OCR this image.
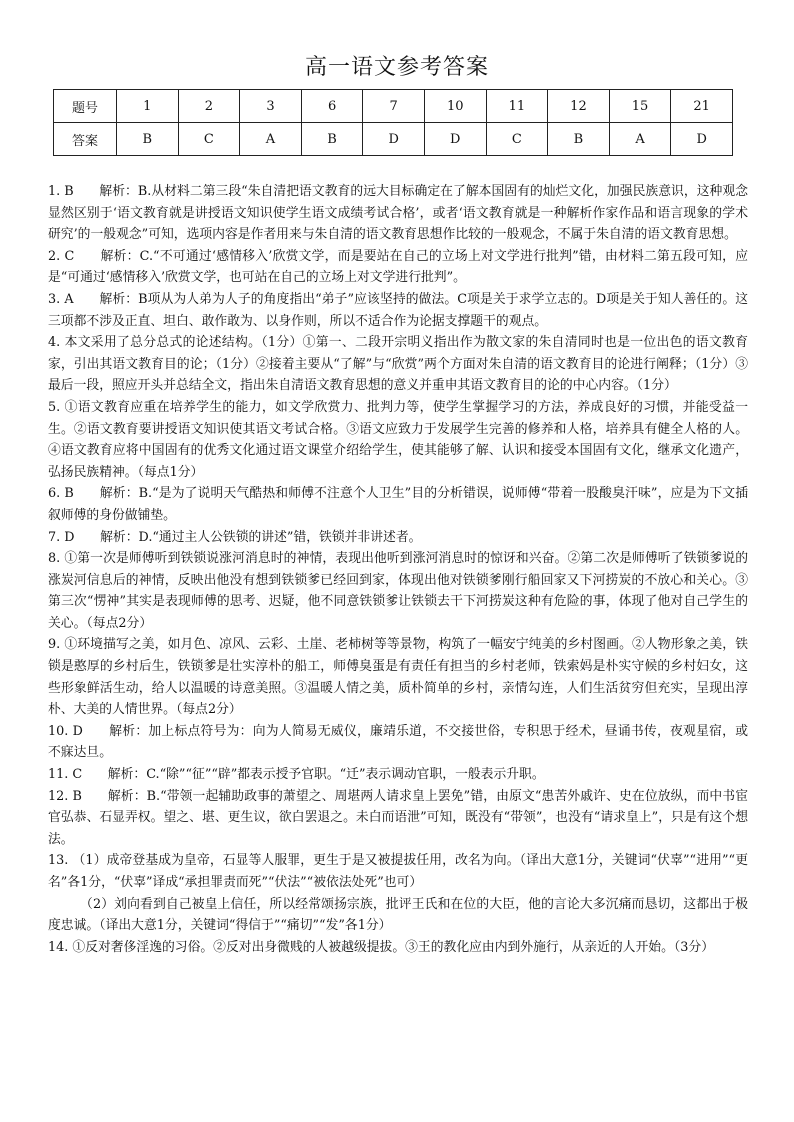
高一语文参考答案
题号	1	2	3	6	7	10	11	12	15	21
答案	B	C	A	B	D	D	C	B	A	D

1. B　　解析：B.从材料二第三段“朱自清把语文教育的远大目标确定在了解本国固有的灿烂文化，加强民族意识，这种观念显然区别于‘语文教育就是讲授语文知识使学生语文成绩考试合格’，或者‘语文教育就是一种解析作家作品和语言现象的学术研究’的一般观念”可知，选项内容是作者用来与朱自清的语文教育思想作比较的一般观念，不属于朱自清的语文教育思想。

2. C　　解析：C.“不可通过‘感情移入’欣赏文学，而是要站在自己的立场上对文学进行批判”错，由材料二第五段可知，应是“可通过‘感情移入’欣赏文学，也可站在自己的立场上对文学进行批判”。

3. A　　解析：B项从为人弟为人子的角度指出“弟子”应该坚持的做法。C项是关于求学立志的。D项是关于知人善任的。这三项都不涉及正直、坦白、敢作敢为、以身作则，所以不适合作为论据支撑题干的观点。

4. 本文采用了总分总式的论述结构。（1分）①第一、二段开宗明义指出作为散文家的朱自清同时也是一位出色的语文教育家，引出其语文教育目的论；（1分）②接着主要从“了解”与“欣赏”两个方面对朱自清的语文教育目的论进行阐释；（1分）③最后一段，照应开头并总结全文，指出朱自清语文教育思想的意义并重申其语文教育目的论的中心内容。（1分）

5. ①语文教育应重在培养学生的能力，如文学欣赏力、批判力等，使学生掌握学习的方法，养成良好的习惯，并能受益一生。②语文教育要讲授语文知识使其语文考试合格。③语文应致力于发展学生完善的修养和人格，培养具有健全人格的人。④语文教育应将中国固有的优秀文化通过语文课堂介绍给学生，使其能够了解、认识和接受本国固有文化，继承文化遗产，弘扬民族精神。（每点1分）

6. B　　解析：B.“是为了说明天气酷热和师傅不注意个人卫生”目的分析错误，说师傅“带着一股酸臭汗味”，应是为下文插叙师傅的身份做铺垫。

7. D　　解析：D.“通过主人公铁锁的讲述”错，铁锁并非讲述者。

8. ①第一次是师傅听到铁锁说涨河消息时的神情，表现出他听到涨河消息时的惊讶和兴奋。②第二次是师傅听了铁锁爹说的涨炭河信息后的神情，反映出他没有想到铁锁爹已经回到家，体现出他对铁锁爹刚行船回家又下河捞炭的不放心和关心。③第三次“愣神”其实是表现师傅的思考、迟疑，他不同意铁锁爹让铁锁去干下河捞炭这种有危险的事，体现了他对自己学生的关心。（每点2分）

9. ①环境描写之美，如月色、凉风、云彩、土崖、老柿树等等景物，构筑了一幅安宁纯美的乡村图画。②人物形象之美，铁锁是憨厚的乡村后生，铁锁爹是壮实淳朴的船工，师傅臭蛋是有责任有担当的乡村老师，铁索妈是朴实守候的乡村妇女，这些形象鲜活生动，给人以温暖的诗意美照。③温暖人情之美，质朴简单的乡村，亲情勾连，人们生活贫穷但充实，呈现出淳朴、大美的人情世界。（每点2分）

10. D　　解析：加上标点符号为：向为人简易无威仪，廉靖乐道，不交接世俗，专积思于经术，昼诵书传，夜观星宿，或不寐达旦。

11. C　　解析：C.“除”“征”“辟”都表示授予官职。“迁”表示调动官职，一般表示升职。

12. B　　解析：B.“带领一起辅助政事的萧望之、周堪两人请求皇上罢免”错，由原文“患苦外戚许、史在位放纵，而中书宦官弘恭、石显弄权。望之、堪、更生议，欲白罢退之。未白而语泄”可知，既没有“带领”，也没有“请求皇上”，只是有这个想法。

13. （1）成帝登基成为皇帝，石显等人服罪，更生于是又被提拔任用，改名为向。（译出大意1分，关键词“伏辜”“进用”“更名”各1分，“伏辜”译成“承担罪责而死”“伏法”“被依法处死”也可）

（2）刘向看到自己被皇上信任，所以经常颂扬宗族，批评王氏和在位的大臣，他的言论大多沉痛而恳切，这都出于极度忠诚。（译出大意1分，关键词“得信于”“痛切”“发”各1分）

14. ①反对奢侈淫逸的习俗。②反对出身微贱的人被越级提拔。③王的教化应由内到外施行，从亲近的人开始。（3分）
